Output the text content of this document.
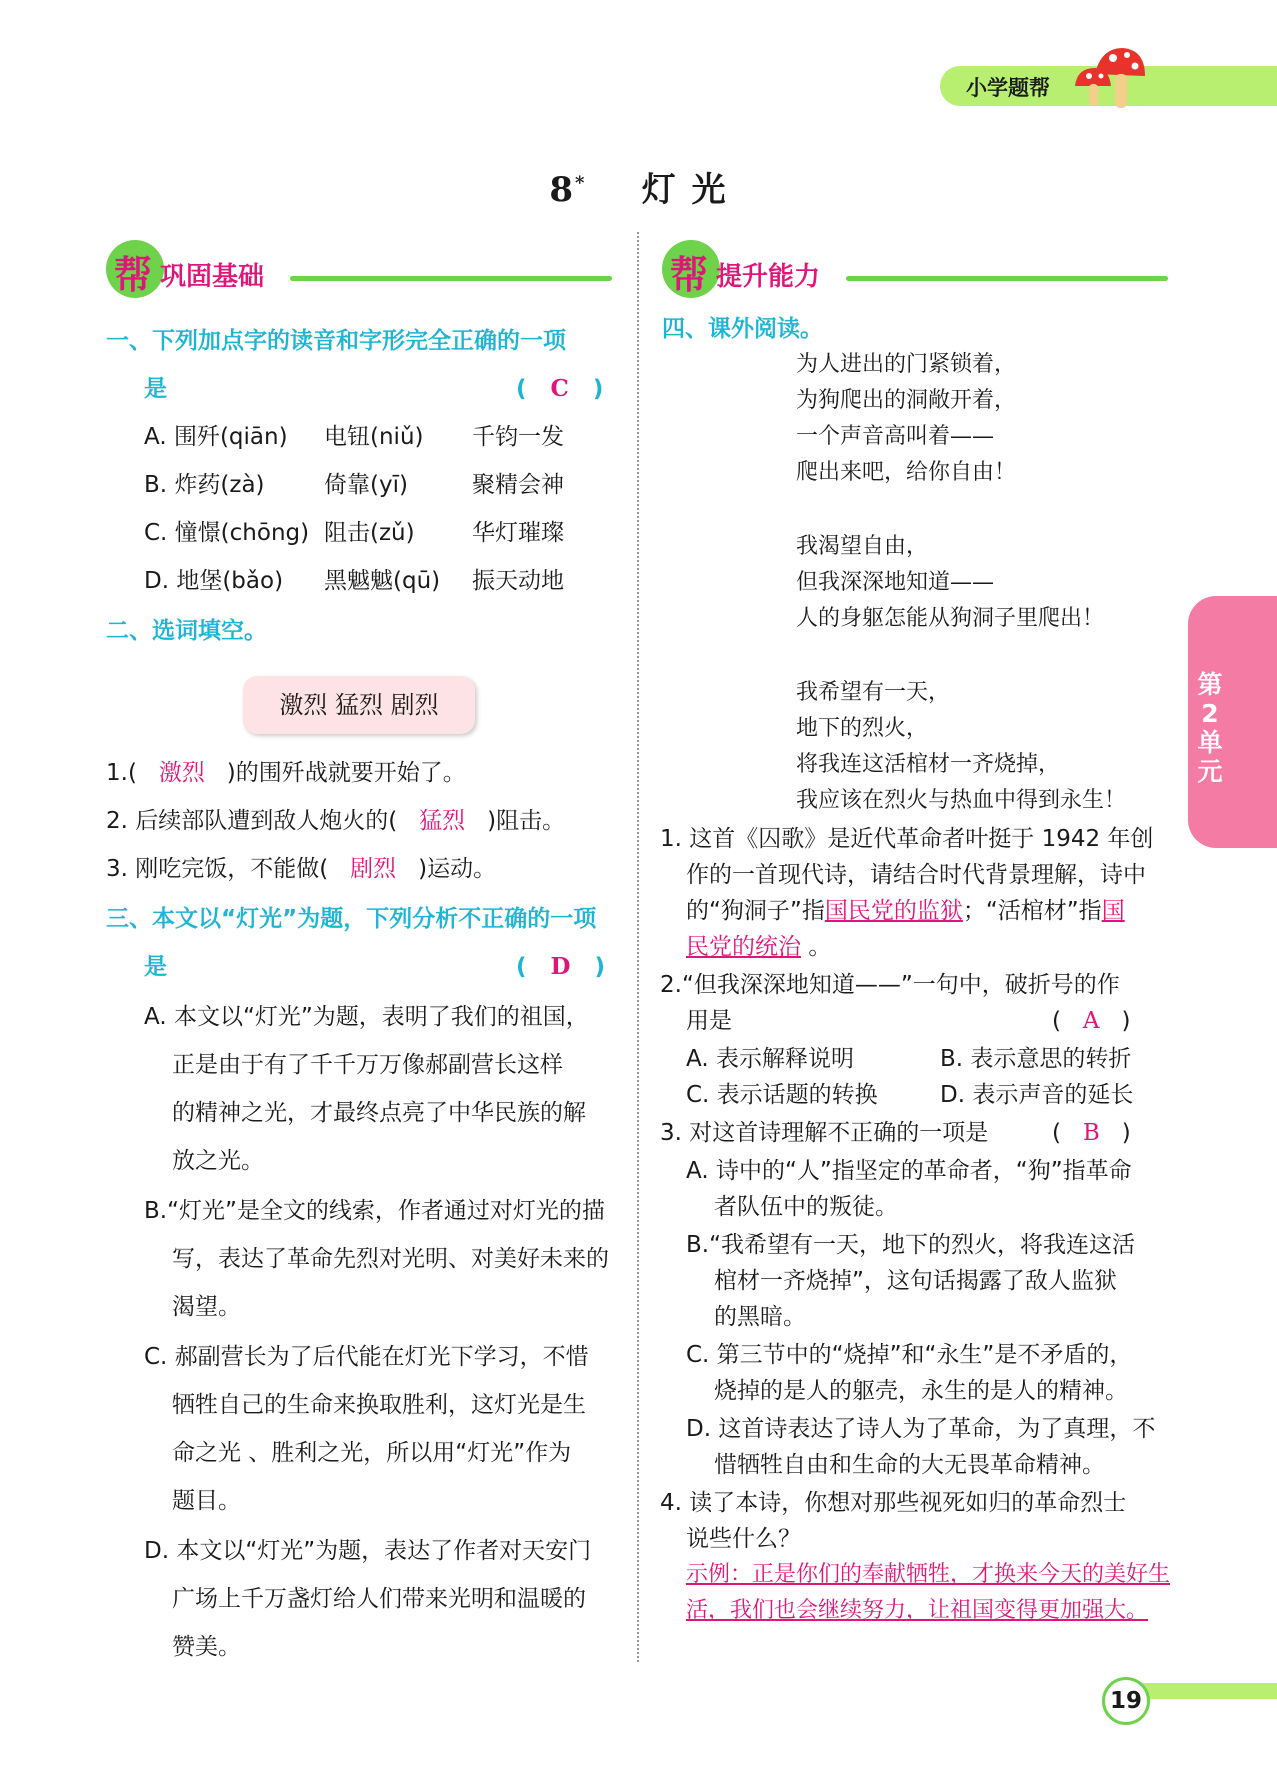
小学题帮
8* 灯 光
帮 巩固基础
一、下列加点字的读音和字形完全正确的一项
是	(   C   )
A. 围歼(qiān) 电钮(niǔ) 千钧一发
B. 炸药(zà)	倚靠(yī)	聚精会神
C. 憧憬(chōng) 阻击(zǔ) 华灯璀璨
D. 地堡(bǎo) 黑魆魆(qū) 振天动地
二、选词填空。
激烈 猛烈 剧烈
1.( 激烈 )的围歼战就要开始了。
2. 后续部队遭到敌人炮火的( 猛烈 )阻击。
3. 刚吃完饭，不能做( 剧烈 )运动。
三、本文以“灯光”为题，下列分析不正确的一项
是	(   D   )
A. 本文以“灯光”为题，表明了我们的祖国，
正是由于有了千千万万像郝副营长这样
的精神之光，才最终点亮了中华民族的解
放之光。
B.“灯光”是全文的线索，作者通过对灯光的描
写，表达了革命先烈对光明、对美好未来的
渴望。
C. 郝副营长为了后代能在灯光下学习，不惜
牺牲自己的生命来换取胜利，这灯光是生
命之光 、胜利之光，所以用“灯光”作为
题目。
D. 本文以“灯光”为题，表达了作者对天安门
广场上千万盏灯给人们带来光明和温暖的
赞美。
帮 提升能力
四、课外阅读。
为人进出的门紧锁着，
为狗爬出的洞敞开着，
一个声音高叫着——
爬出来吧，给你自由！
我渴望自由，
但我深深地知道——
人的身躯怎能从狗洞子里爬出！
我希望有一天，
地下的烈火，
将我连这活棺材一齐烧掉，
我应该在烈火与热血中得到永生！
1. 这首《囚歌》是近代革命者叶挺于 1942 年创
作的一首现代诗，请结合时代背景理解，诗中
的“狗洞子”指国民党的监狱；“活棺材”指国
民党的统治 。
2.“但我深深地知道——”一句中，破折号的作
用是	(   A   )
A. 表示解释说明	B. 表示意思的转折
C. 表示话题的转换	D. 表示声音的延长
3. 对这首诗理解不正确的一项是	(   B   )
A. 诗中的“人”指坚定的革命者，“狗”指革命
者队伍中的叛徒。
B.“我希望有一天，地下的烈火，将我连这活
棺材一齐烧掉”，这句话揭露了敌人监狱
的黑暗。
C. 第三节中的“烧掉”和“永生”是不矛盾的，
烧掉的是人的躯壳，永生的是人的精神。
D. 这首诗表达了诗人为了革命，为了真理，不
惜牺牲自由和生命的大无畏革命精神。
4. 读了本诗，你想对那些视死如归的革命烈士
说些什么？
示例：正是你们的奉献牺牲，才换来今天的美好生
活，我们也会继续努力，让祖国变得更加强大。
第2单元
19
